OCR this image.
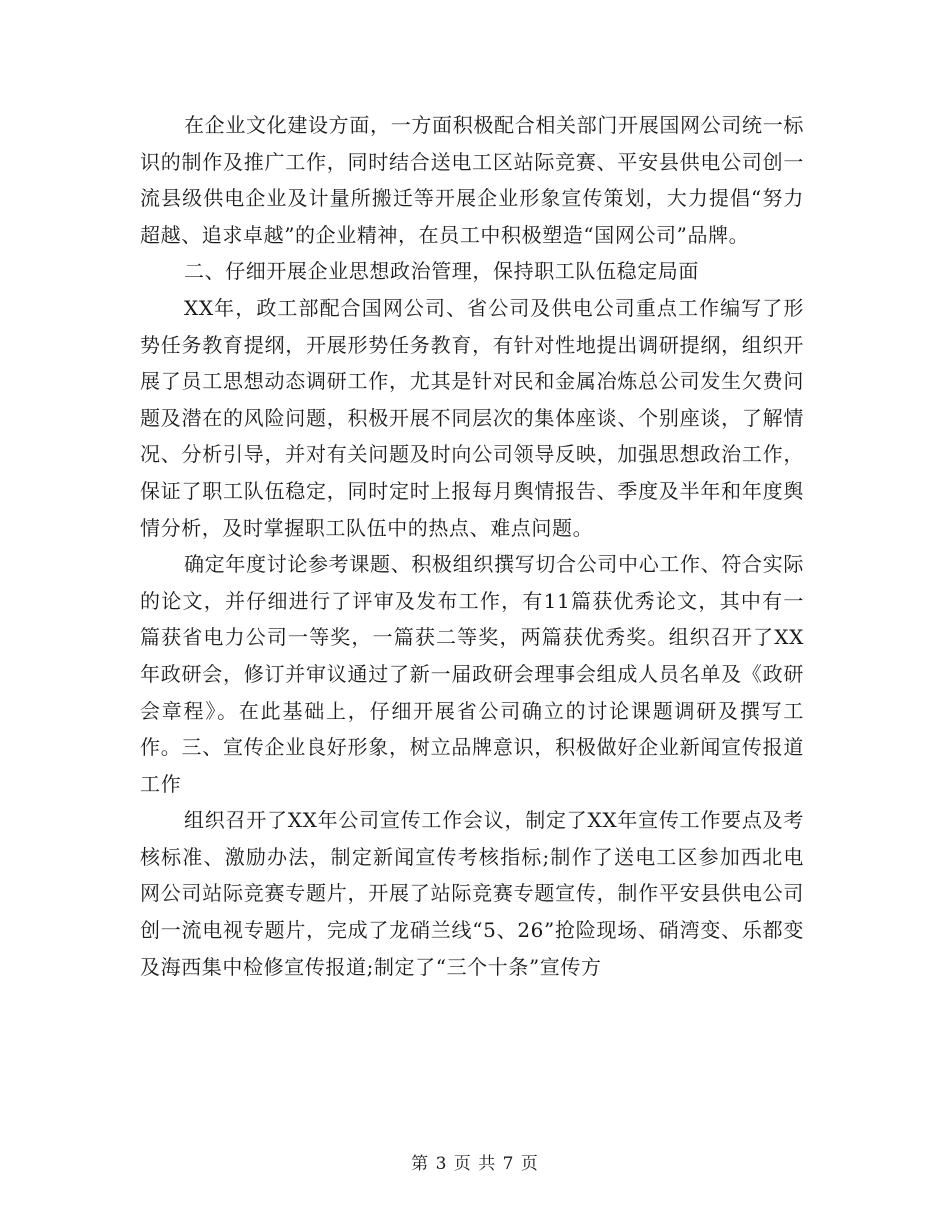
在企业文化建设方面，一方面积极配合相关部门开展国网公司统一标识的制作及推广工作，同时结合送电工区站际竞赛、平安县供电公司创一流县级供电企业及计量所搬迁等开展企业形象宣传策划，大力提倡“努力超越、追求卓越”的企业精神，在员工中积极塑造“国网公司”品牌。

二、仔细开展企业思想政治管理，保持职工队伍稳定局面

XX年，政工部配合国网公司、省公司及供电公司重点工作编写了形势任务教育提纲，开展形势任务教育，有针对性地提出调研提纲，组织开展了员工思想动态调研工作，尤其是针对民和金属冶炼总公司发生欠费问题及潜在的风险问题，积极开展不同层次的集体座谈、个别座谈，了解情况、分析引导，并对有关问题及时向公司领导反映，加强思想政治工作，保证了职工队伍稳定，同时定时上报每月舆情报告、季度及半年和年度舆情分析，及时掌握职工队伍中的热点、难点问题。

确定年度讨论参考课题、积极组织撰写切合公司中心工作、符合实际的论文，并仔细进行了评审及发布工作，有11篇获优秀论文，其中有一篇获省电力公司一等奖，一篇获二等奖，两篇获优秀奖。组织召开了XX年政研会，修订并审议通过了新一届政研会理事会组成人员名单及《政研会章程》。在此基础上，仔细开展省公司确立的讨论课题调研及撰写工作。三、宣传企业良好形象，树立品牌意识，积极做好企业新闻宣传报道工作

组织召开了XX年公司宣传工作会议，制定了XX年宣传工作要点及考核标准、激励办法，制定新闻宣传考核指标;制作了送电工区参加西北电网公司站际竞赛专题片，开展了站际竞赛专题宣传，制作平安县供电公司创一流电视专题片，完成了龙硝兰线“5、26”抢险现场、硝湾变、乐都变及海西集中检修宣传报道;制定了“三个十条”宣传方

第 3 页 共 7 页
